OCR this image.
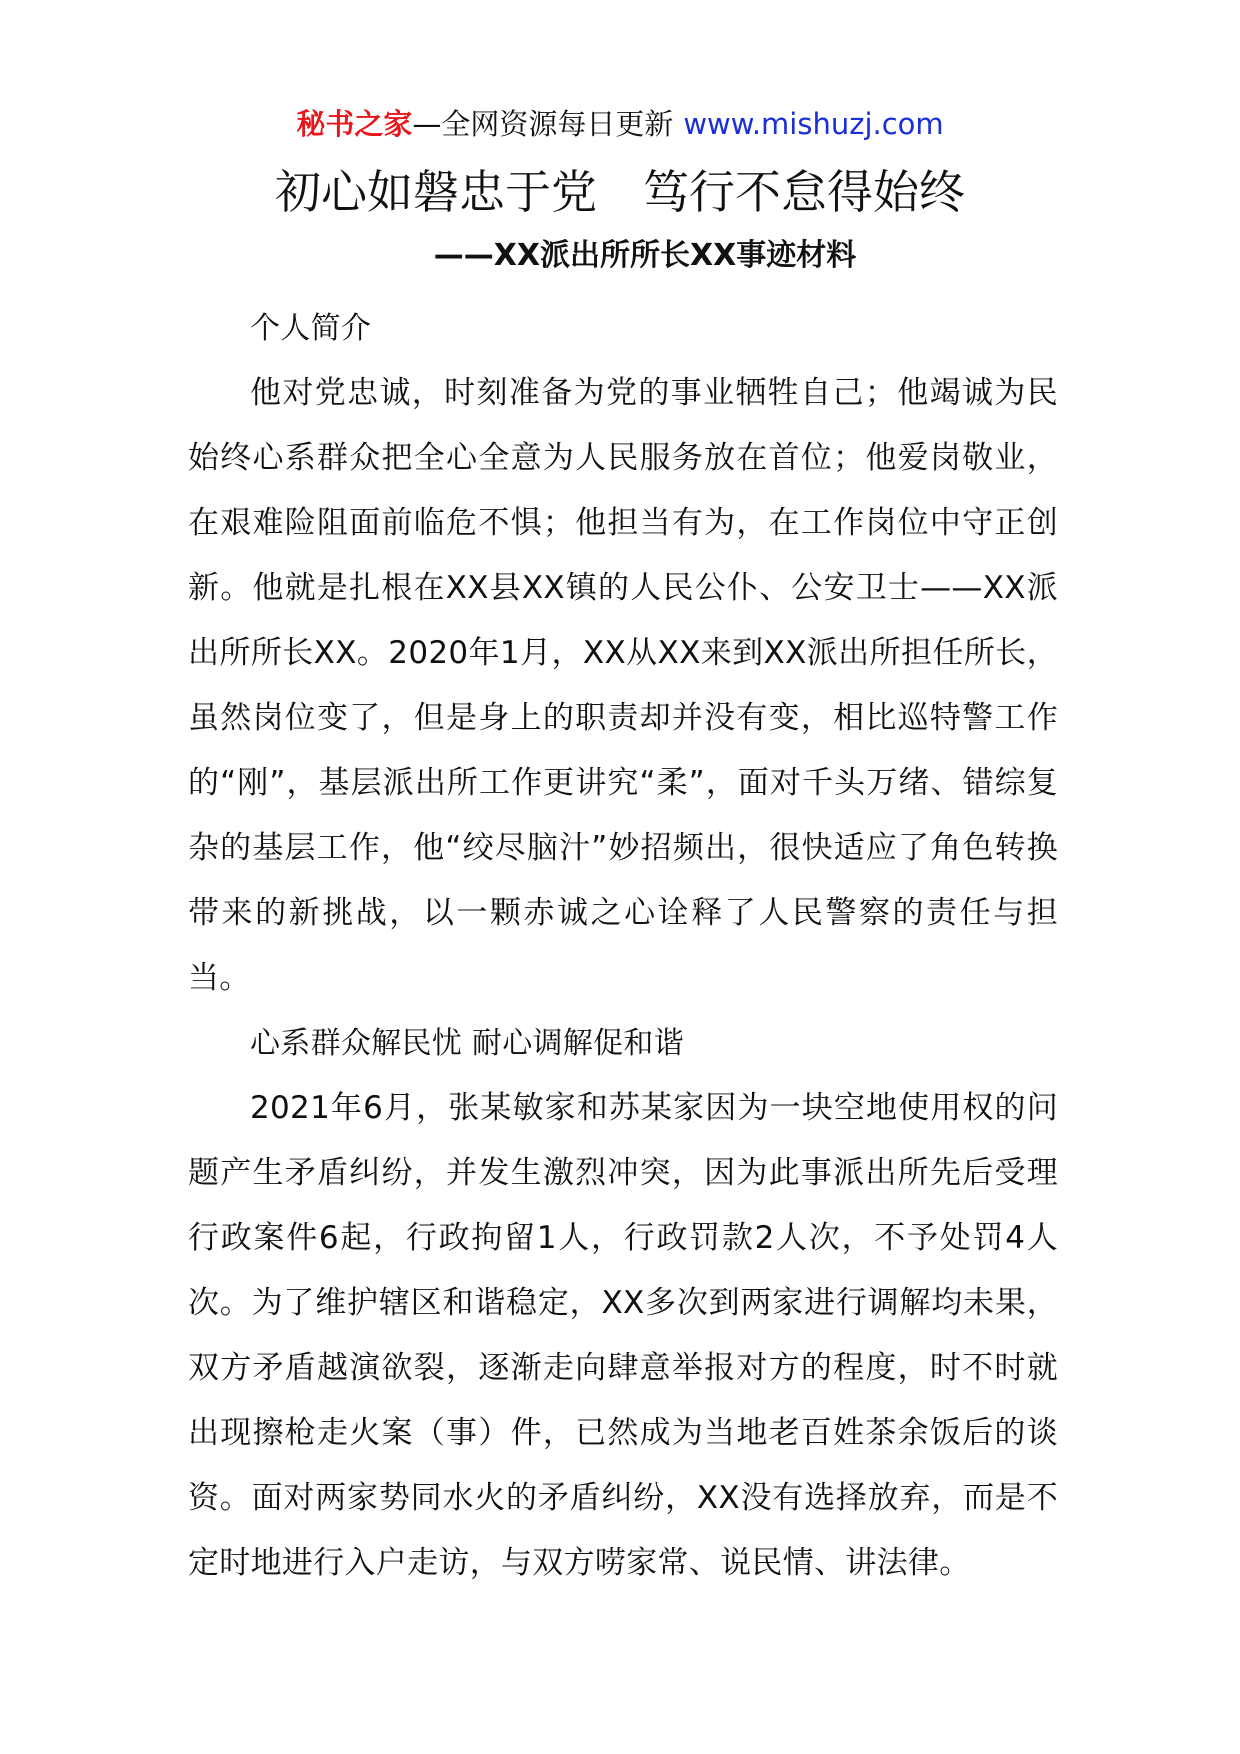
秘书之家—全网资源每日更新 www.mishuzj.com
初心如磐忠于党　笃行不怠得始终
——XX派出所所长XX事迹材料

个人简介

他对党忠诚，时刻准备为党的事业牺牲自己；他竭诚为民始终心系群众把全心全意为人民服务放在首位；他爱岗敬业，在艰难险阻面前临危不惧；他担当有为，在工作岗位中守正创新。他就是扎根在XX县XX镇的人民公仆、公安卫士——XX派出所所长XX。2020年1月，XX从XX来到XX派出所担任所长，虽然岗位变了，但是身上的职责却并没有变，相比巡特警工作的“刚”，基层派出所工作更讲究“柔”，面对千头万绪、错综复杂的基层工作，他“绞尽脑汁”妙招频出，很快适应了角色转换带来的新挑战，以一颗赤诚之心诠释了人民警察的责任与担当。

心系群众解民忧 耐心调解促和谐

2021年6月，张某敏家和苏某家因为一块空地使用权的问题产生矛盾纠纷，并发生激烈冲突，因为此事派出所先后受理行政案件6起，行政拘留1人，行政罚款2人次，不予处罚4人次。为了维护辖区和谐稳定，XX多次到两家进行调解均未果，双方矛盾越演欲裂，逐渐走向肆意举报对方的程度，时不时就出现擦枪走火案（事）件，已然成为当地老百姓茶余饭后的谈资。面对两家势同水火的矛盾纠纷，XX没有选择放弃，而是不定时地进行入户走访，与双方唠家常、说民情、讲法律。
